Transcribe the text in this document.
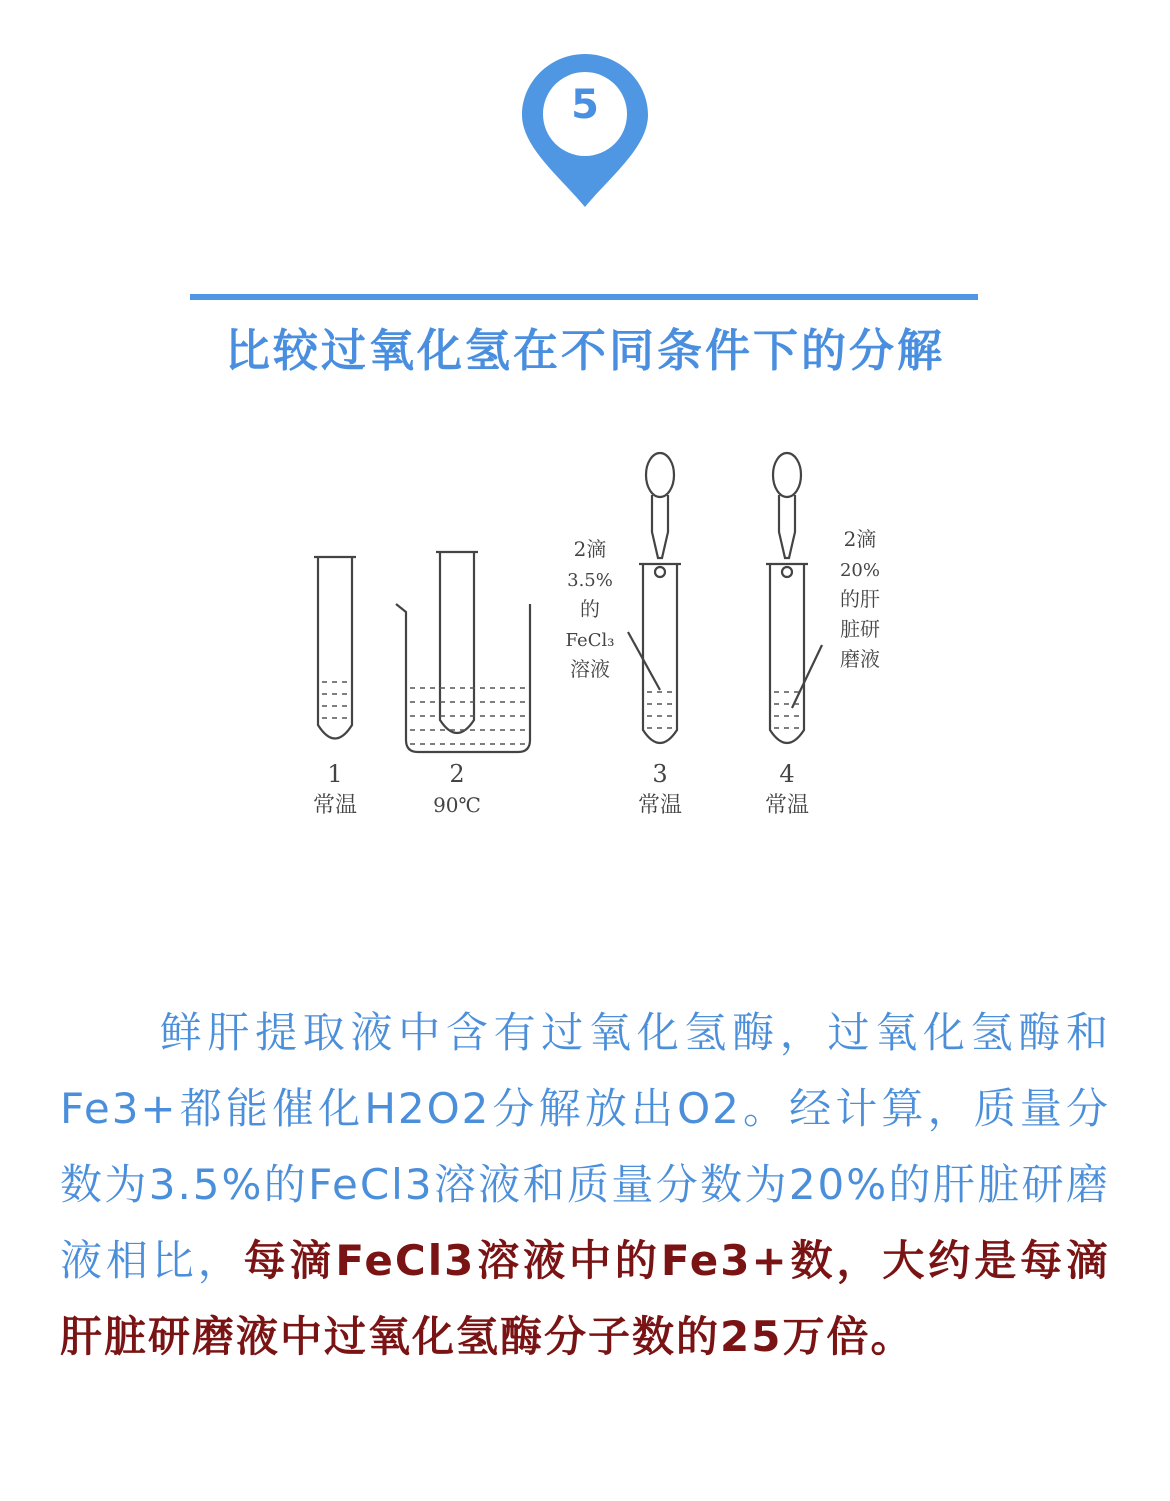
5
比较过氧化氢在不同条件下的分解
1
常温
2
90℃
3
常温
4
常温
2滴
3.5%
的
FeCl₃
溶液
2滴
20%
的肝
脏研
磨液
鲜肝提取液中含有过氧化氢酶，过氧化氢酶和Fe3+都能催化H2O2分解放出O2。经计算，质量分数为3.5%的FeCl3溶液和质量分数为20%的肝脏研磨液相比，每滴FeCl3溶液中的Fe3+数，大约是每滴肝脏研磨液中过氧化氢酶分子数的25万倍。
